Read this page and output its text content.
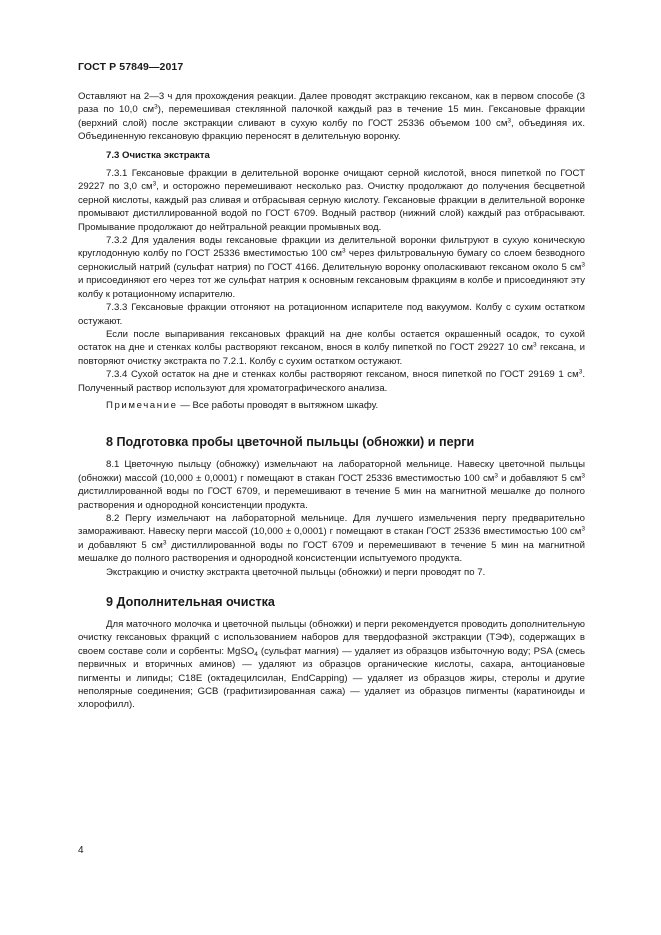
ГОСТ Р 57849—2017

Оставляют на 2—3 ч для прохождения реакции. Далее проводят экстракцию гексаном, как в первом способе (3 раза по 10,0 $см^3$), перемешивая стеклянной палочкой каждый раз в течение 15 мин. Гексановые фракции (верхний слой) после экстракции сливают в сухую колбу по ГОСТ 25336 объемом 100 $см^3$, объединяя их. Объединенную гексановую фракцию переносят в делительную воронку.

7.3 Очистка экстракта

7.3.1 Гексановые фракции в делительной воронке очищают серной кислотой, внося пипеткой по ГОСТ 29227 по 3,0 $см^3$, и осторожно перемешивают несколько раз. Очистку продолжают до получения бесцветной серной кислоты, каждый раз сливая и отбрасывая серную кислоту. Гексановые фракции в делительной воронке промывают дистиллированной водой по ГОСТ 6709. Водный раствор (нижний слой) каждый раз отбрасывают. Промывание продолжают до нейтральной реакции промывных вод.

7.3.2 Для удаления воды гексановые фракции из делительной воронки фильтруют в сухую коническую круглодонную колбу по ГОСТ 25336 вместимостью 100 $см^3$ через фильтровальную бумагу со слоем безводного сернокислый натрий (сульфат натрия) по ГОСТ 4166. Делительную воронку ополаскивают гексаном около 5 $см^3$ и присоединяют его через тот же сульфат натрия к основным гексановым фракциям в колбе и присоединяют эту колбу к ротационному испарителю.

7.3.3 Гексановые фракции отгоняют на ротационном испарителе под вакуумом. Колбу с сухим остатком остужают.

Если после выпаривания гексановых фракций на дне колбы остается окрашенный осадок, то сухой остаток на дне и стенках колбы растворяют гексаном, внося в колбу пипеткой по ГОСТ 29227 10 $см^3$ гексана, и повторяют очистку экстракта по 7.2.1. Колбу с сухим остатком остужают.

7.3.4 Сухой остаток на дне и стенках колбы растворяют гексаном, внося пипеткой по ГОСТ 29169 1 $см^3$. Полученный раствор используют для хроматографического анализа.

Примечание — Все работы проводят в вытяжном шкафу.

8 Подготовка пробы цветочной пыльцы (обножки) и перги

8.1 Цветочную пыльцу (обножку) измельчают на лабораторной мельнице. Навеску цветочной пыльцы (обножки) массой (10,000 ± 0,0001) г помещают в стакан ГОСТ 25336 вместимостью 100 $см^3$ и добавляют 5 $см^3$ дистиллированной воды по ГОСТ 6709, и перемешивают в течение 5 мин на магнитной мешалке до полного растворения и однородной консистенции продукта.

8.2 Пергу измельчают на лабораторной мельнице. Для лучшего измельчения пергу предварительно замораживают. Навеску перги массой (10,000 ± 0,0001) г помещают в стакан ГОСТ 25336 вместимостью 100 $см^3$ и добавляют 5 $см^3$ дистиллированной воды по ГОСТ 6709 и перемешивают в течение 5 мин на магнитной мешалке до полного растворения и однородной консистенции испытуемого продукта.

Экстракцию и очистку экстракта цветочной пыльцы (обножки) и перги проводят по 7.

9 Дополнительная очистка

Для маточного молочка и цветочной пыльцы (обножки) и перги рекомендуется проводить дополнительную очистку гексановых фракций с использованием наборов для твердофазной экстракции (ТЭФ), содержащих в своем составе соли и сорбенты: MgSO$_4$ (сульфат магния) — удаляет из образцов избыточную воду; PSA (смесь первичных и вторичных аминов) — удаляют из образцов органические кислоты, сахара, антоциановые пигменты и липиды; C18E (октадецилсилан, EndCapping) — удаляет из образцов жиры, стеролы и другие неполярные соединения; GCB (графитизированная сажа) — удаляет из образцов пигменты (каратиноиды и хлорофилл).

4
